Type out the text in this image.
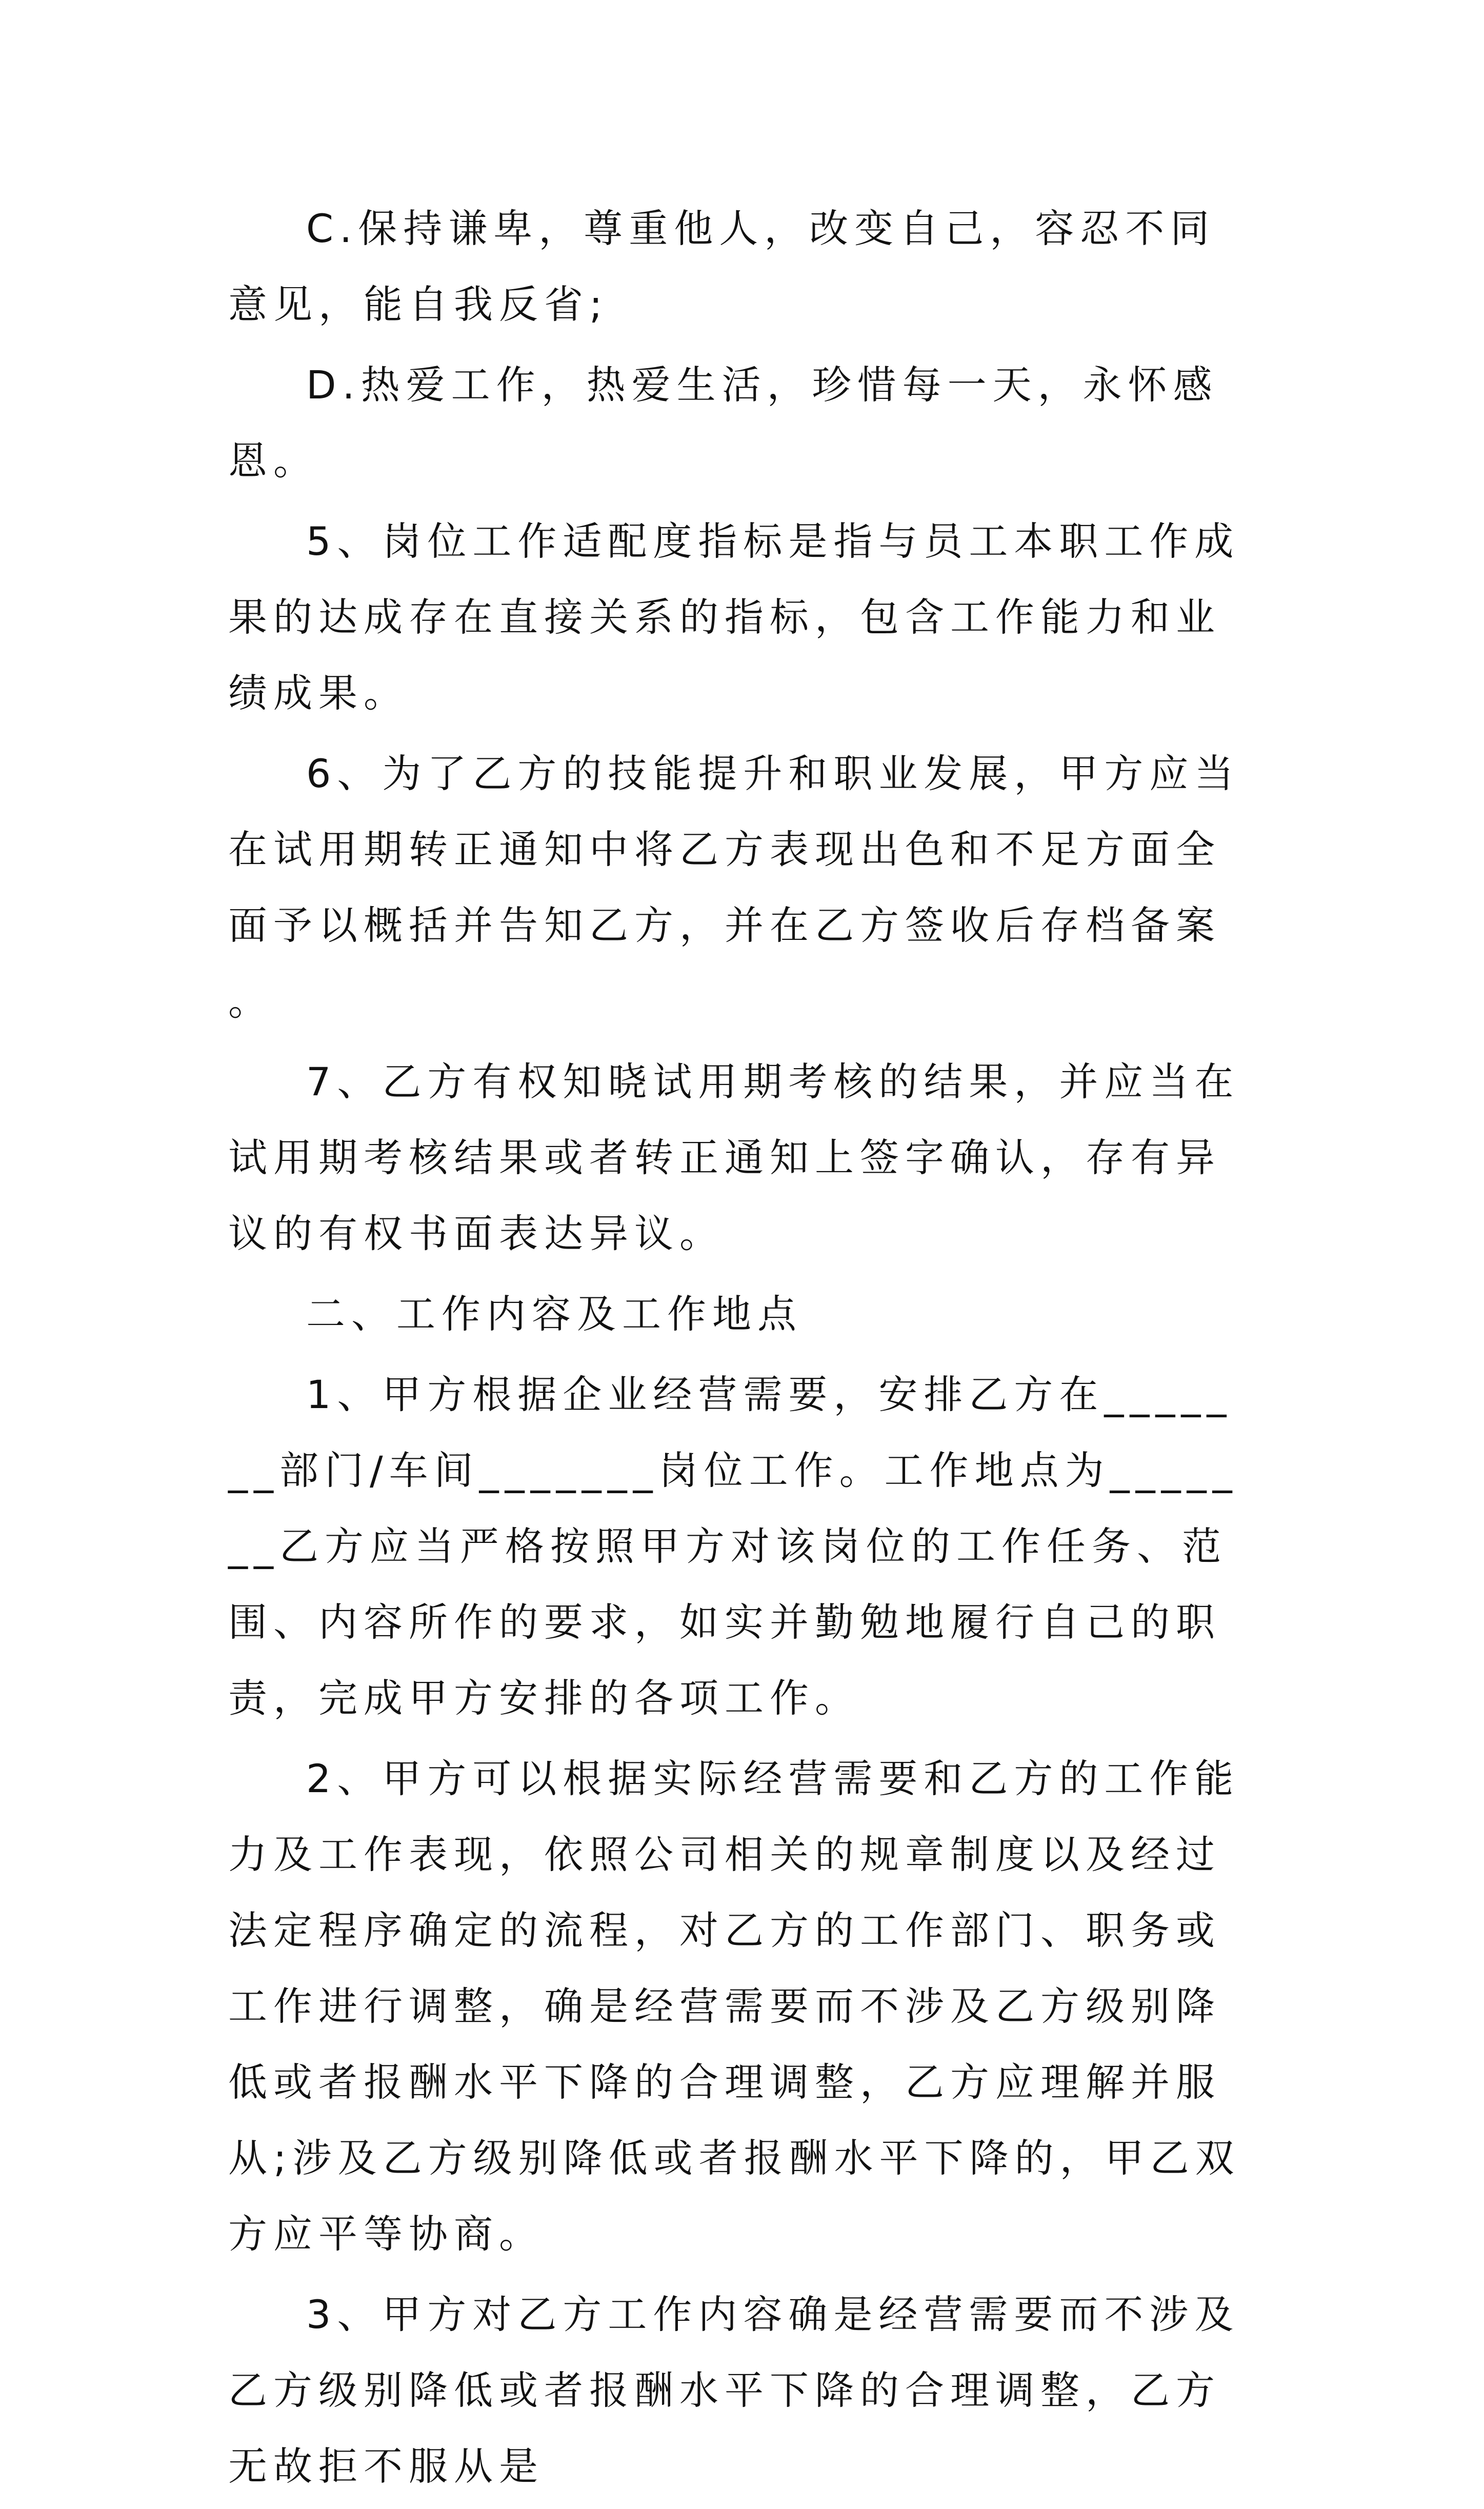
C.保持谦卑，尊重他人，改变自己，容忍不同意见，能自我反省;

D.热爱工作，热爱生活，珍惜每一天，永怀感恩。

5、岗位工作适配度指标是指与员工本职工作成果的达成存在直接关系的指标，包含工作能力和业绩成果。

6、为了乙方的技能提升和职业发展，甲方应当在试用期转正通知中将乙方表现出色和不足方面全面予以概括并告知乙方，并在乙方签收后存档备案。

7、乙方有权知晓试用期考核的结果，并应当在试用期考核结果或者转正通知上签字确认，存有异议的有权书面表达异议。

二、工作内容及工作地点

1、甲方根据企业经营需要，安排乙方在_______部门/车间_______岗位工作。工作地点为_______乙方应当严格按照甲方对该岗位的工作任务、范围、内容所作的要求，如实并勤勉地履行自己的职责，完成甲方安排的各项工作。

2、甲方可以根据实际经营需要和乙方的工作能力及工作表现，依照公司相关的规章制度以及经过法定程序确定的流程，对乙方的工作部门、职务或工作进行调整，确是经营需要而不涉及乙方级别降低或者报酬水平下降的合理调整，乙方应理解并服从;涉及乙方级别降低或者报酬水平下降的，甲乙双方应平等协商。

3、甲方对乙方工作内容确是经营需要而不涉及乙方级别降低或者报酬水平下降的合理调整，乙方无故拒不服从是
